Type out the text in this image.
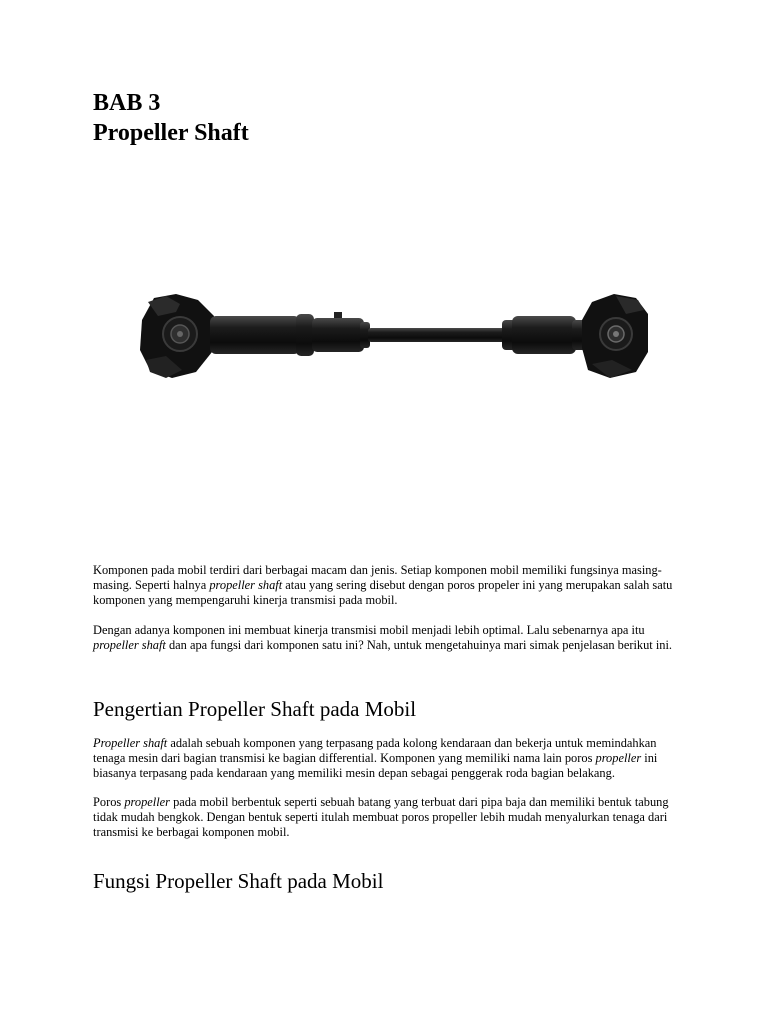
BAB 3
Propeller Shaft

Komponen pada mobil terdiri dari berbagai macam dan jenis. Setiap komponen mobil memiliki fungsinya masing-masing. Seperti halnya propeller shaft atau yang sering disebut dengan poros propeler ini yang merupakan salah satu komponen yang mempengaruhi kinerja transmisi pada mobil.

Dengan adanya komponen ini membuat kinerja transmisi mobil menjadi lebih optimal. Lalu sebenarnya apa itu propeller shaft dan apa fungsi dari komponen satu ini? Nah, untuk mengetahuinya mari simak penjelasan berikut ini.

Pengertian Propeller Shaft pada Mobil

Propeller shaft adalah sebuah komponen yang terpasang pada kolong kendaraan dan bekerja untuk memindahkan tenaga mesin dari bagian transmisi ke bagian differential. Komponen yang memiliki nama lain poros propeller ini biasanya terpasang pada kendaraan yang memiliki mesin depan sebagai penggerak roda bagian belakang.

Poros propeller pada mobil berbentuk seperti sebuah batang yang terbuat dari pipa baja dan memiliki bentuk tabung tidak mudah bengkok. Dengan bentuk seperti itulah membuat poros propeller lebih mudah menyalurkan tenaga dari transmisi ke berbagai komponen mobil.

Fungsi Propeller Shaft pada Mobil
